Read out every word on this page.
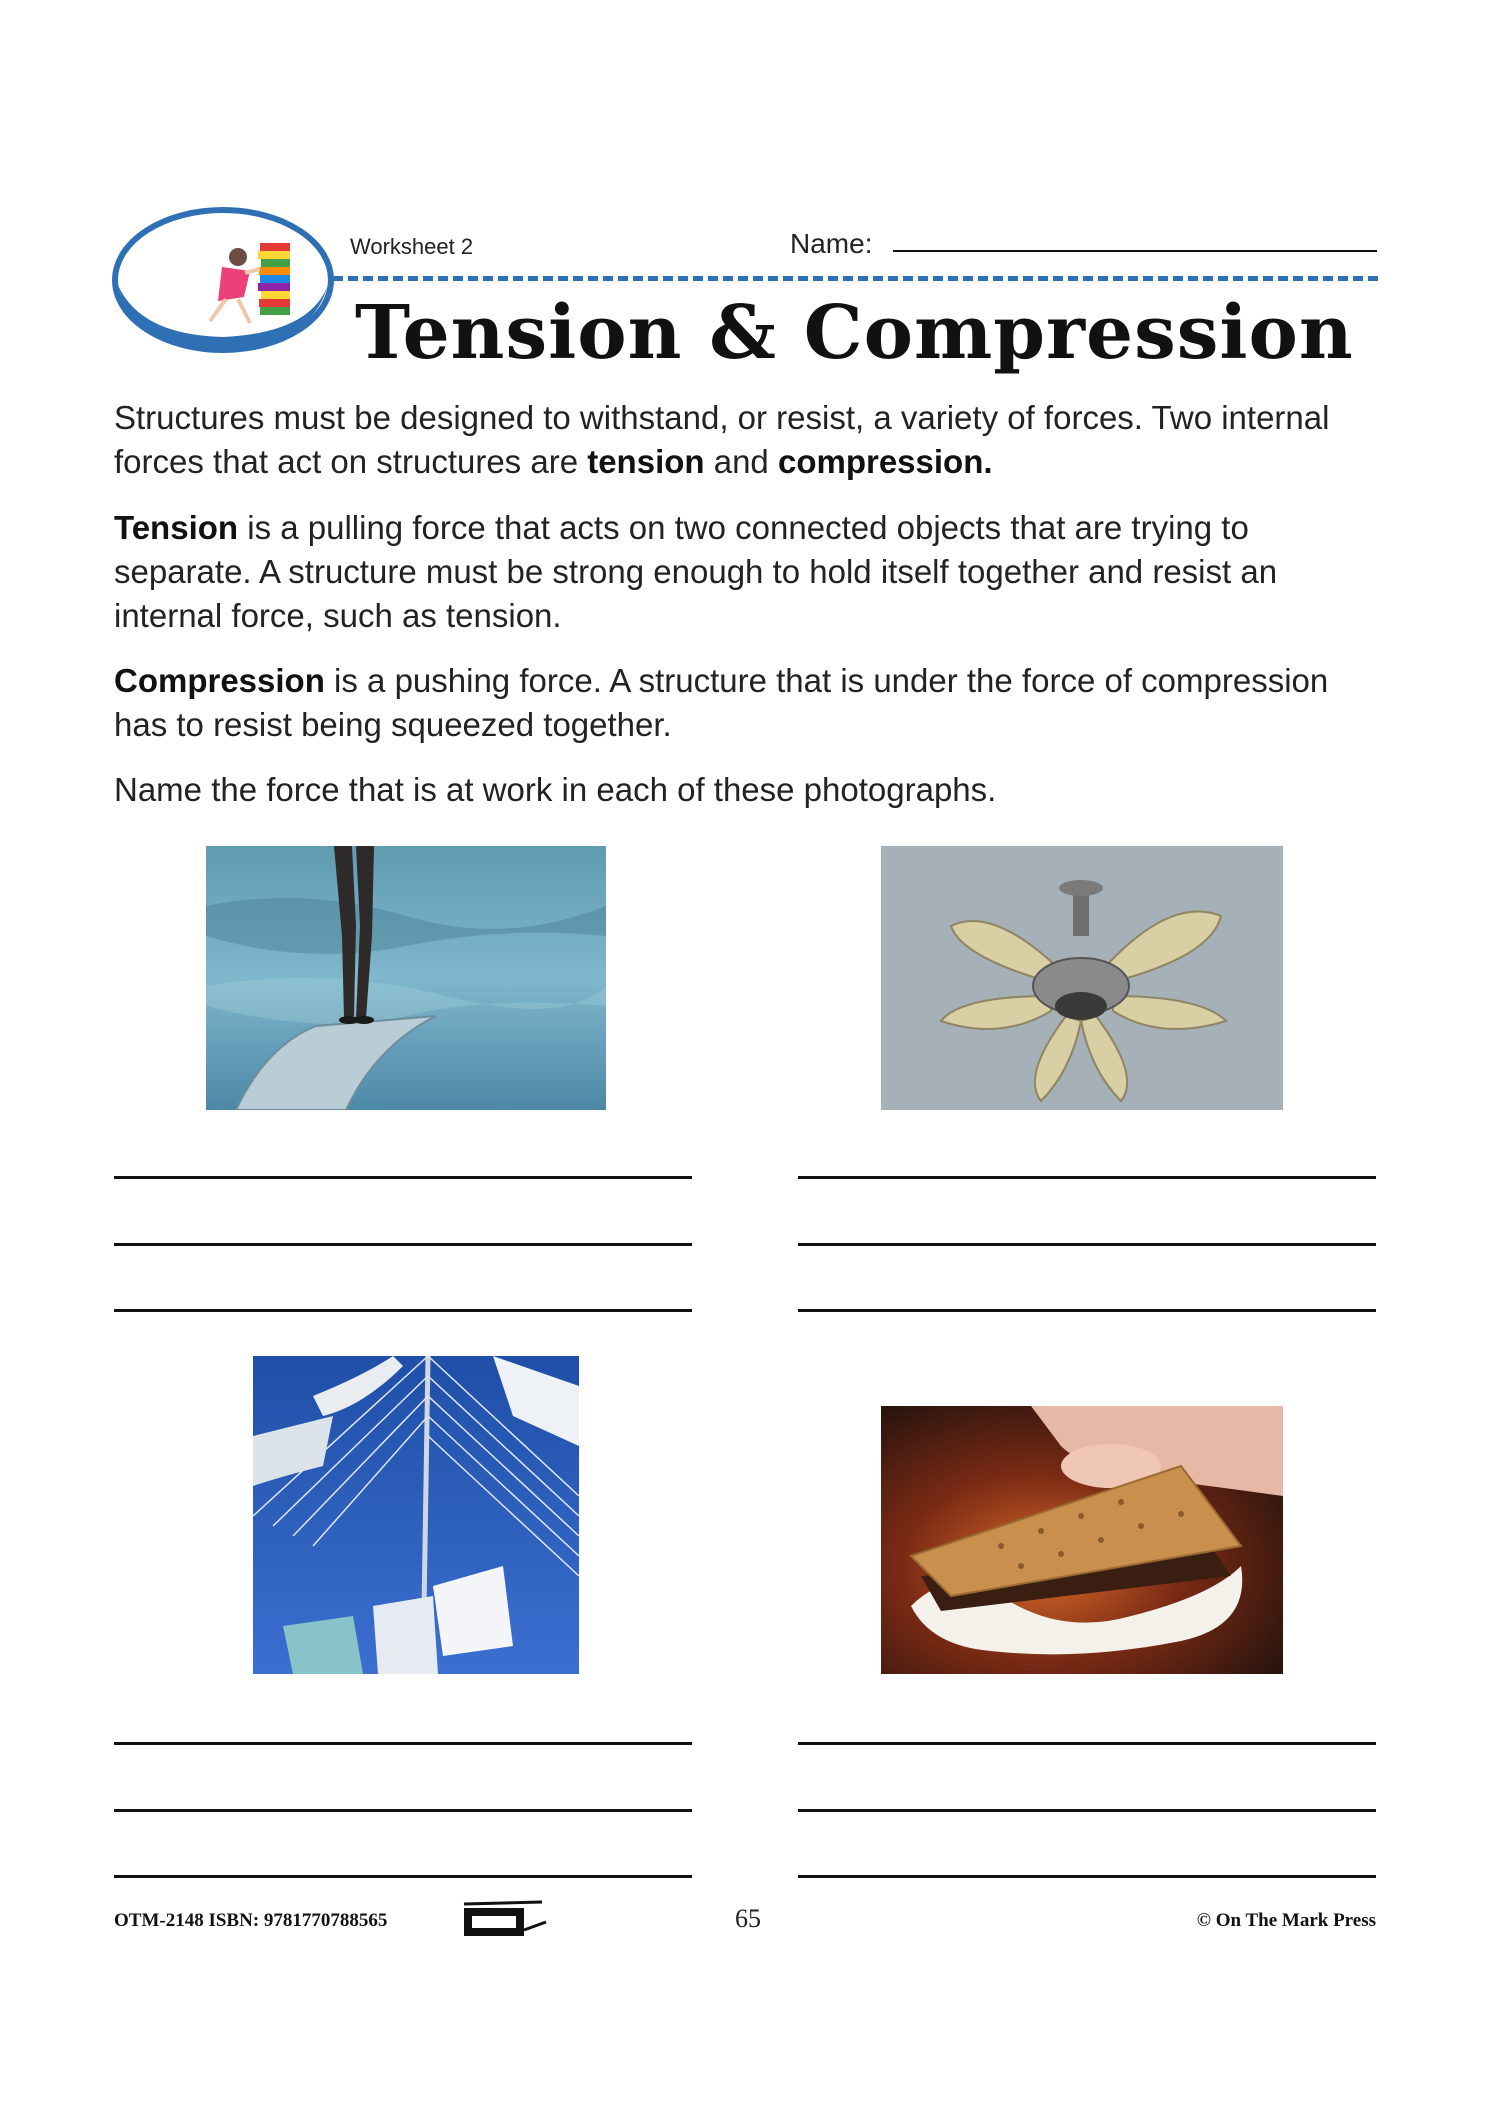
Worksheet 2	Name:
Tension & Compression
Structures must be designed to withstand, or resist, a variety of forces. Two internal forces that act on structures are tension and compression.
Tension is a pulling force that acts on two connected objects that are trying to separate. A structure must be strong enough to hold itself together and resist an internal force, such as tension.
Compression is a pushing force. A structure that is under the force of compression has to resist being squeezed together.
Name the force that is at work in each of these photographs.
OTM-2148 ISBN: 9781770788565	65	© On The Mark Press
